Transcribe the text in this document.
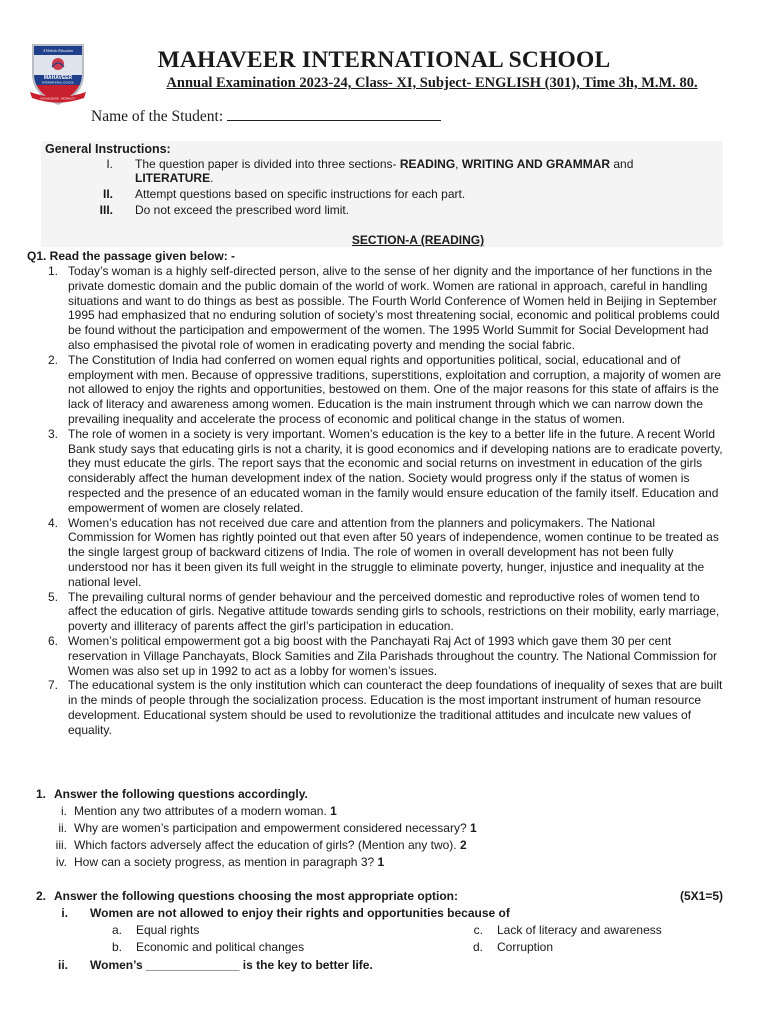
A Holistic Education
MAHAVEER
INTERNATIONAL SCHOOL
KNOWLEDGE · MORALITY
MAHAVEER INTERNATIONAL SCHOOL
Annual Examination 2023-24, Class- XI, Subject- ENGLISH (301), Time 3h, M.M. 80.
Name of the Student:
General Instructions:
I. The question paper is divided into three sections- READING, WRITING AND GRAMMAR and
LITERATURE.
II. Attempt questions based on specific instructions for each part.
III. Do not exceed the prescribed word limit.
SECTION-A (READING)
Q1. Read the passage given below: -
1. Today’s woman is a highly self-directed person, alive to the sense of her dignity and the importance of her functions in the private domestic domain and the public domain of the world of work. Women are rational in approach, careful in handling situations and want to do things as best as possible. The Fourth World Conference of Women held in Beijing in September 1995 had emphasized that no enduring solution of society’s most threatening social, economic and political problems could be found without the participation and empowerment of the women. The 1995 World Summit for Social Development had also emphasised the pivotal role of women in eradicating poverty and mending the social fabric.
2. The Constitution of India had conferred on women equal rights and opportunities political, social, educational and of employment with men. Because of oppressive traditions, superstitions, exploitation and corruption, a majority of women are not allowed to enjoy the rights and opportunities, bestowed on them. One of the major reasons for this state of affairs is the lack of literacy and awareness among women. Education is the main instrument through which we can narrow down the prevailing inequality and accelerate the process of economic and political change in the status of women.
3. The role of women in a society is very important. Women’s education is the key to a better life in the future. A recent World Bank study says that educating girls is not a charity, it is good economics and if developing nations are to eradicate poverty, they must educate the girls. The report says that the economic and social returns on investment in education of the girls considerably affect the human development index of the nation. Society would progress only if the status of women is respected and the presence of an educated woman in the family would ensure education of the family itself. Education and empowerment of women are closely related.
4. Women’s education has not received due care and attention from the planners and policymakers. The National Commission for Women has rightly pointed out that even after 50 years of independence, women continue to be treated as the single largest group of backward citizens of India. The role of women in overall development has not been fully understood nor has it been given its full weight in the struggle to eliminate poverty, hunger, injustice and inequality at the national level.
5. The prevailing cultural norms of gender behaviour and the perceived domestic and reproductive roles of women tend to affect the education of girls. Negative attitude towards sending girls to schools, restrictions on their mobility, early marriage, poverty and illiteracy of parents affect the girl’s participation in education.
6. Women’s political empowerment got a big boost with the Panchayati Raj Act of 1993 which gave them 30 per cent reservation in Village Panchayats, Block Samities and Zila Parishads throughout the country. The National Commission for Women was also set up in 1992 to act as a lobby for women’s issues.
7. The educational system is the only institution which can counteract the deep foundations of inequality of sexes that are built in the minds of people through the socialization process. Education is the most important instrument of human resource development. Educational system should be used to revolutionize the traditional attitudes and inculcate new values of equality.
1. Answer the following questions accordingly.
i. Mention any two attributes of a modern woman. 1
ii. Why are women’s participation and empowerment considered necessary? 1
iii. Which factors adversely affect the education of girls? (Mention any two). 2
iv. How can a society progress, as mention in paragraph 3? 1
2. Answer the following questions choosing the most appropriate option:	(5X1=5)
i. Women are not allowed to enjoy their rights and opportunities because of
a. Equal rights
b. Economic and political changes
c. Lack of literacy and awareness
d. Corruption
ii. Women’s ______________ is the key to better life.
